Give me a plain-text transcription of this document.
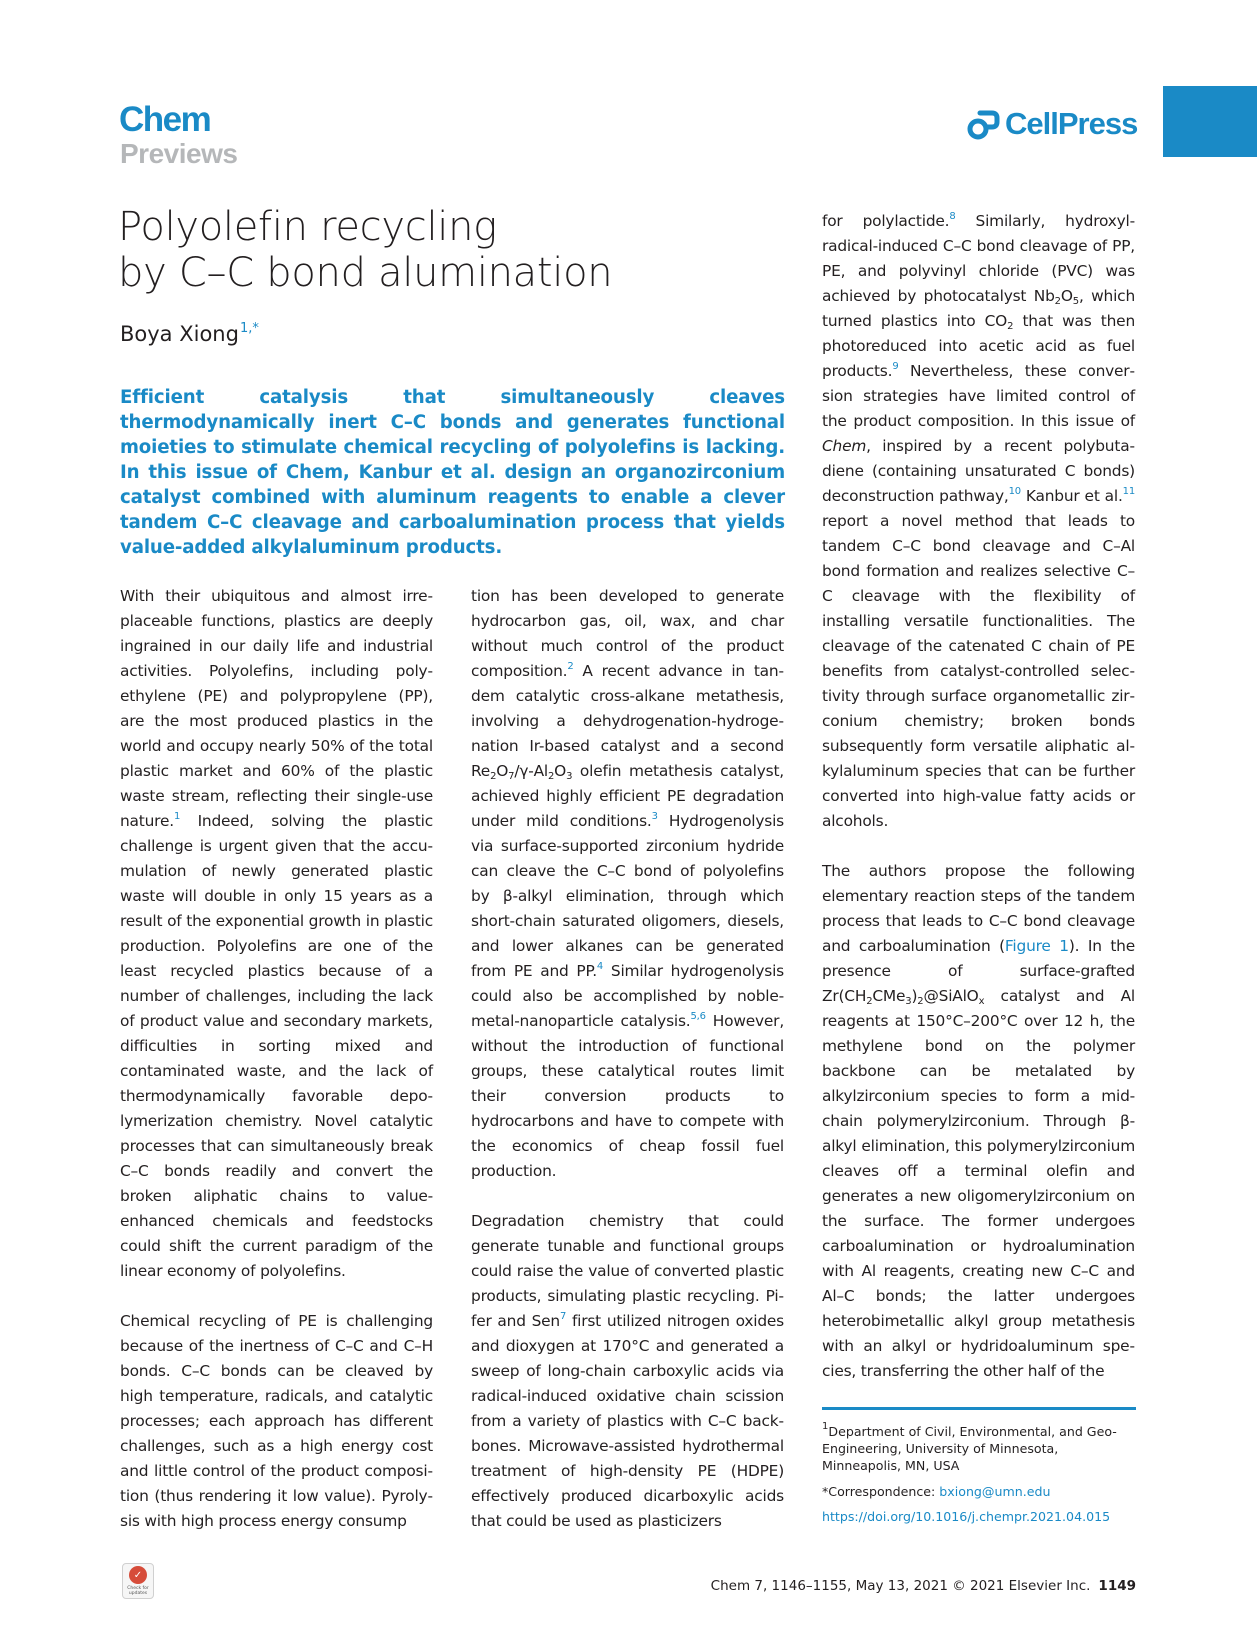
Chem
Previews
CellPress
Polyolefin recycling
by C–C bond alumination
Boya Xiong$^{1,*}$
Efficient catalysis that simultaneously cleaves thermodynamically inert C–C bonds and generates functional moieties to stimulate chemical recycling of polyolefins is lacking. In this issue of Chem, Kanbur et al. design an organozirconium catalyst combined with aluminum reagents to enable a clever tandem C–C cleavage and carboalumination process that yields value-added alkylaluminum products.

With their ubiquitous and almost irreplaceable functions, plastics are deeply ingrained in our daily life and industrial activities. Polyolefins, including polyethylene (PE) and polypropylene (PP), are the most produced plastics in the world and occupy nearly 50% of the total plastic market and 60% of the plastic waste stream, reflecting their single-use nature.$^1$ Indeed, solving the plastic challenge is urgent given that the accumulation of newly generated plastic waste will double in only 15 years as a result of the exponential growth in plastic production. Polyolefins are one of the least recycled plastics because of a number of challenges, including the lack of product value and secondary markets, difficulties in sorting mixed and contaminated waste, and the lack of thermodynamically favorable depolymerization chemistry. Novel catalytic processes that can simultaneously break C–C bonds readily and convert the broken aliphatic chains to value-enhanced chemicals and feedstocks could shift the current paradigm of the linear economy of polyolefins.

Chemical recycling of PE is challenging because of the inertness of C–C and C–H bonds. C–C bonds can be cleaved by high temperature, radicals, and catalytic processes; each approach has different challenges, such as a high energy cost and little control of the product composition (thus rendering it low value). Pyrolysis with high process energy consump

tion has been developed to generate hydrocarbon gas, oil, wax, and char without much control of the product composition.$^2$ A recent advance in tandem catalytic cross-alkane metathesis, involving a dehydrogenation-hydrogenation Ir-based catalyst and a second $Re_2O_7/\gamma-Al_2O_3$ olefin metathesis catalyst, achieved highly efficient PE degradation under mild conditions.$^3$ Hydrogenolysis via surface-supported zirconium hydride can cleave the C–C bond of polyolefins by β-alkyl elimination, through which short-chain saturated oligomers, diesels, and lower alkanes can be generated from PE and PP.$^4$ Similar hydrogenolysis could also be accomplished by noble-metal-nanoparticle catalysis.$^{5,6}$ However, without the introduction of functional groups, these catalytical routes limit their conversion products to hydrocarbons and have to compete with the economics of cheap fossil fuel production.

Degradation chemistry that could generate tunable and functional groups could raise the value of converted plastic products, simulating plastic recycling. Pifer and Sen$^7$ first utilized nitrogen oxides and dioxygen at 170°C and generated a sweep of long-chain carboxylic acids via radical-induced oxidative chain scission from a variety of plastics with C–C backbones. Microwave-assisted hydrothermal treatment of high-density PE (HDPE) effectively produced dicarboxylic acids that could be used as plasticizers

for polylactide.$^8$ Similarly, hydroxyl-radical-induced C–C bond cleavage of PP, PE, and polyvinyl chloride (PVC) was achieved by photocatalyst $Nb_2O_5$, which turned plastics into $CO_2$ that was then photoreduced into acetic acid as fuel products.$^9$ Nevertheless, these conversion strategies have limited control of the product composition. In this issue of Chem, inspired by a recent polybutadiene (containing unsaturated C bonds) deconstruction pathway,$^{10}$ Kanbur et al.$^{11}$ report a novel method that leads to tandem C–C bond cleavage and C–Al bond formation and realizes selective C–C cleavage with the flexibility of installing versatile functionalities. The cleavage of the catenated C chain of PE benefits from catalyst-controlled selectivity through surface organometallic zirconium chemistry; broken bonds subsequently form versatile aliphatic alkylaluminum species that can be further converted into high-value fatty acids or alcohols.

The authors propose the following elementary reaction steps of the tandem process that leads to C–C bond cleavage and carboalumination (Figure 1). In the presence of surface-grafted $Zr(CH_2CMe_3)_2@SiAlO_x$ catalyst and Al reagents at 150°C–200°C over 12 h, the methylene bond on the polymer backbone can be metalated by alkylzirconium species to form a mid-chain polymerylzirconium. Through β-alkyl elimination, this polymerylzirconium cleaves off a terminal olefin and generates a new oligomerylzirconium on the surface. The former undergoes carboalumination or hydroalumination with Al reagents, creating new C–C and Al–C bonds; the latter undergoes heterobimetallic alkyl group metathesis with an alkyl or hydridoaluminum species, transferring the other half of the

$^1$Department of Civil, Environmental, and Geo-Engineering, University of Minnesota, Minneapolis, MN, USA
*Correspondence: bxiong@umn.edu
https://doi.org/10.1016/j.chempr.2021.04.015
✓
Check for updates	Chem 7, 1146–1155, May 13, 2021 © 2021 Elsevier Inc. 1149
